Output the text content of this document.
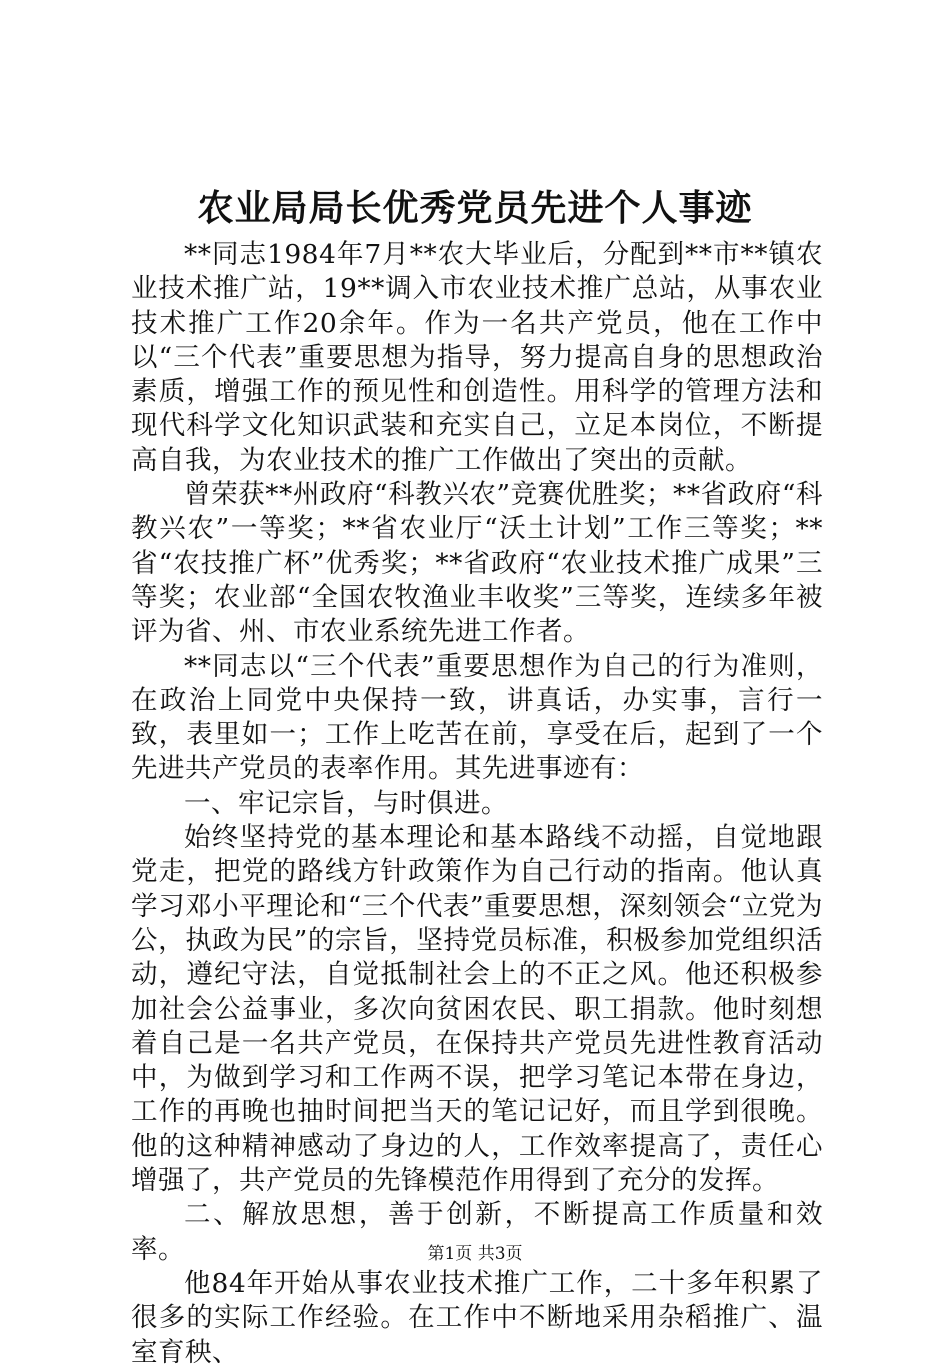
农业局局长优秀党员先进个人事迹

**同志1984年7月**农大毕业后，分配到**市**镇农业技术推广站，19**调入市农业技术推广总站，从事农业技术推广工作20余年。作为一名共产党员，他在工作中以“三个代表”重要思想为指导，努力提高自身的思想政治素质，增强工作的预见性和创造性。用科学的管理方法和现代科学文化知识武装和充实自己，立足本岗位，不断提高自我，为农业技术的推广工作做出了突出的贡献。

曾荣获**州政府“科教兴农”竞赛优胜奖；**省政府“科教兴农”一等奖；**省农业厅“沃土计划”工作三等奖；**省“农技推广杯”优秀奖；**省政府“农业技术推广成果”三等奖；农业部“全国农牧渔业丰收奖”三等奖，连续多年被评为省、州、市农业系统先进工作者。

**同志以“三个代表”重要思想作为自己的行为准则，在政治上同党中央保持一致，讲真话，办实事，言行一致，表里如一；工作上吃苦在前，享受在后，起到了一个先进共产党员的表率作用。其先进事迹有：

一、牢记宗旨，与时俱进。

始终坚持党的基本理论和基本路线不动摇，自觉地跟党走，把党的路线方针政策作为自己行动的指南。他认真学习邓小平理论和“三个代表”重要思想，深刻领会“立党为公，执政为民”的宗旨，坚持党员标准，积极参加党组织活动，遵纪守法，自觉抵制社会上的不正之风。他还积极参加社会公益事业，多次向贫困农民、职工捐款。他时刻想着自己是一名共产党员，在保持共产党员先进性教育活动中，为做到学习和工作两不误，把学习笔记本带在身边，工作的再晚也抽时间把当天的笔记记好，而且学到很晚。他的这种精神感动了身边的人，工作效率提高了，责任心增强了，共产党员的先锋模范作用得到了充分的发挥。

二、解放思想，善于创新，不断提高工作质量和效率。

他84年开始从事农业技术推广工作，二十多年积累了很多的实际工作经验。在工作中不断地采用杂稻推广、温室育秧、

第1页 共3页
